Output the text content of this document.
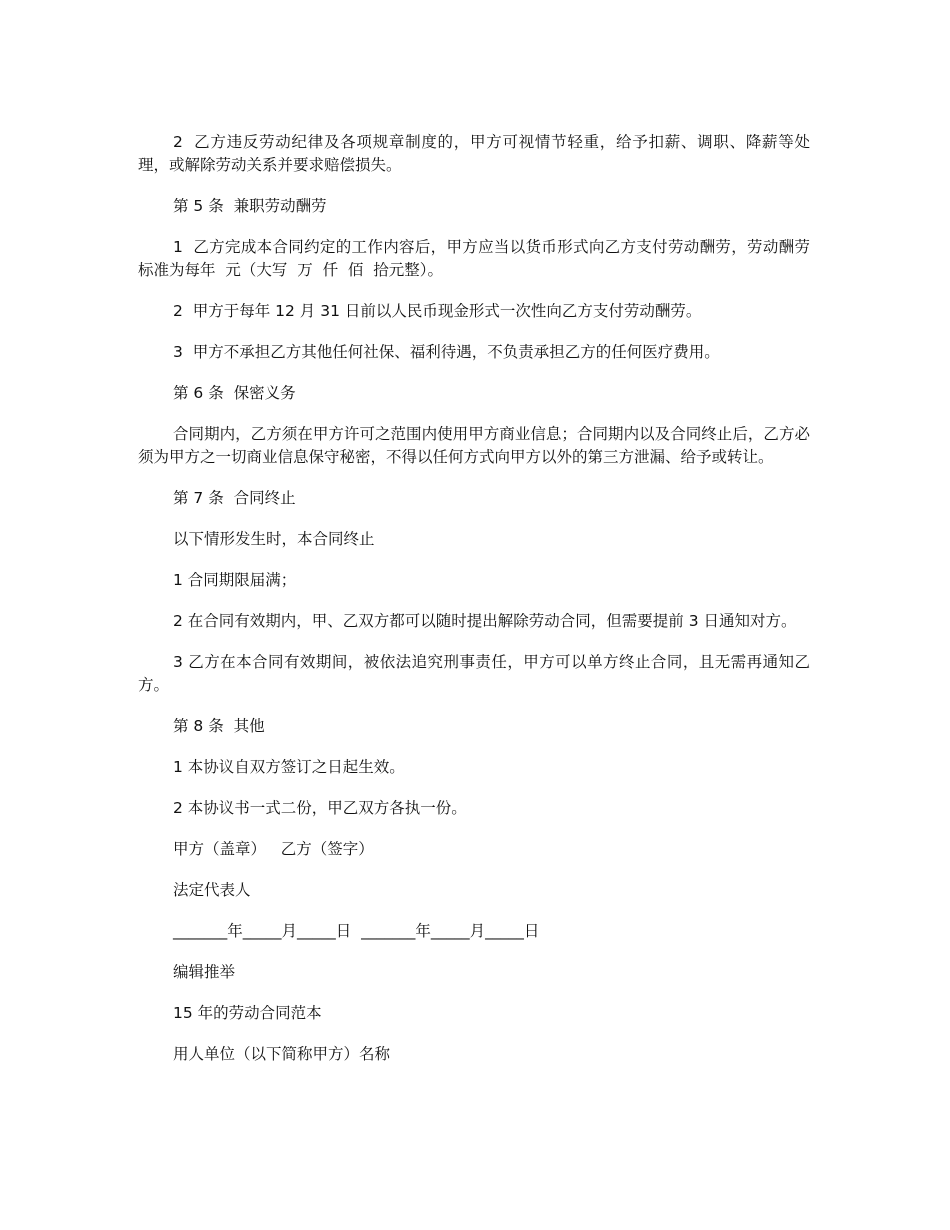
2  乙方违反劳动纪律及各项规章制度的，甲方可视情节轻重，给予扣薪、调职、降薪等处理，或解除劳动关系并要求赔偿损失。

第 5 条  兼职劳动酬劳

1  乙方完成本合同约定的工作内容后，甲方应当以货币形式向乙方支付劳动酬劳，劳动酬劳标准为每年  元（大写  万  仟  佰  拾元整）。

2  甲方于每年 12 月 31 日前以人民币现金形式一次性向乙方支付劳动酬劳。

3  甲方不承担乙方其他任何社保、福利待遇，不负责承担乙方的任何医疗费用。

第 6 条  保密义务

合同期内，乙方须在甲方许可之范围内使用甲方商业信息；合同期内以及合同终止后，乙方必须为甲方之一切商业信息保守秘密，不得以任何方式向甲方以外的第三方泄漏、给予或转让。

第 7 条  合同终止

以下情形发生时，本合同终止

1 合同期限届满；

2 在合同有效期内，甲、乙双方都可以随时提出解除劳动合同，但需要提前 3 日通知对方。

3 乙方在本合同有效期间，被依法追究刑事责任，甲方可以单方终止合同，且无需再通知乙方。

第 8 条  其他

1 本协议自双方签订之日起生效。

2 本协议书一式二份，甲乙双方各执一份。

甲方（盖章）   乙方（签字）

法定代表人

_______年_____月_____日  _______年_____月_____日

编辑推举

15 年的劳动合同范本

用人单位（以下简称甲方）名称
